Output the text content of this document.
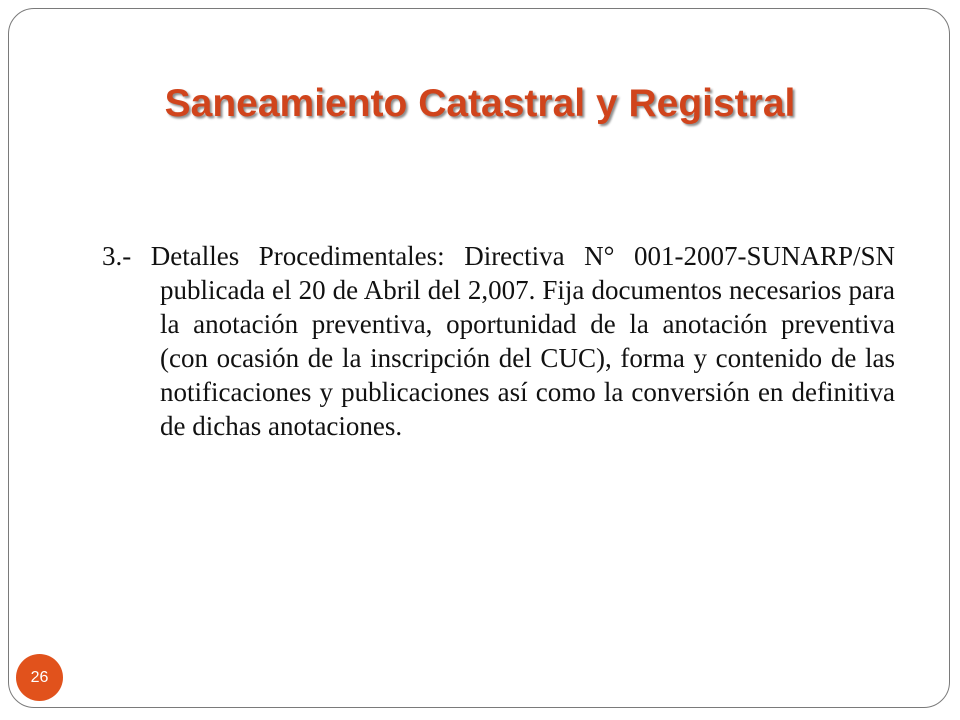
Saneamiento Catastral y Registral

3.- Detalles Procedimentales: Directiva N° 001-2007-SUNARP/SN publicada el 20 de Abril del 2,007. Fija documentos necesarios para la anotación preventiva, oportunidad de la anotación preventiva (con ocasión de la inscripción del CUC), forma y contenido de las notificaciones y publicaciones así como la conversión en definitiva de dichas anotaciones.

26
